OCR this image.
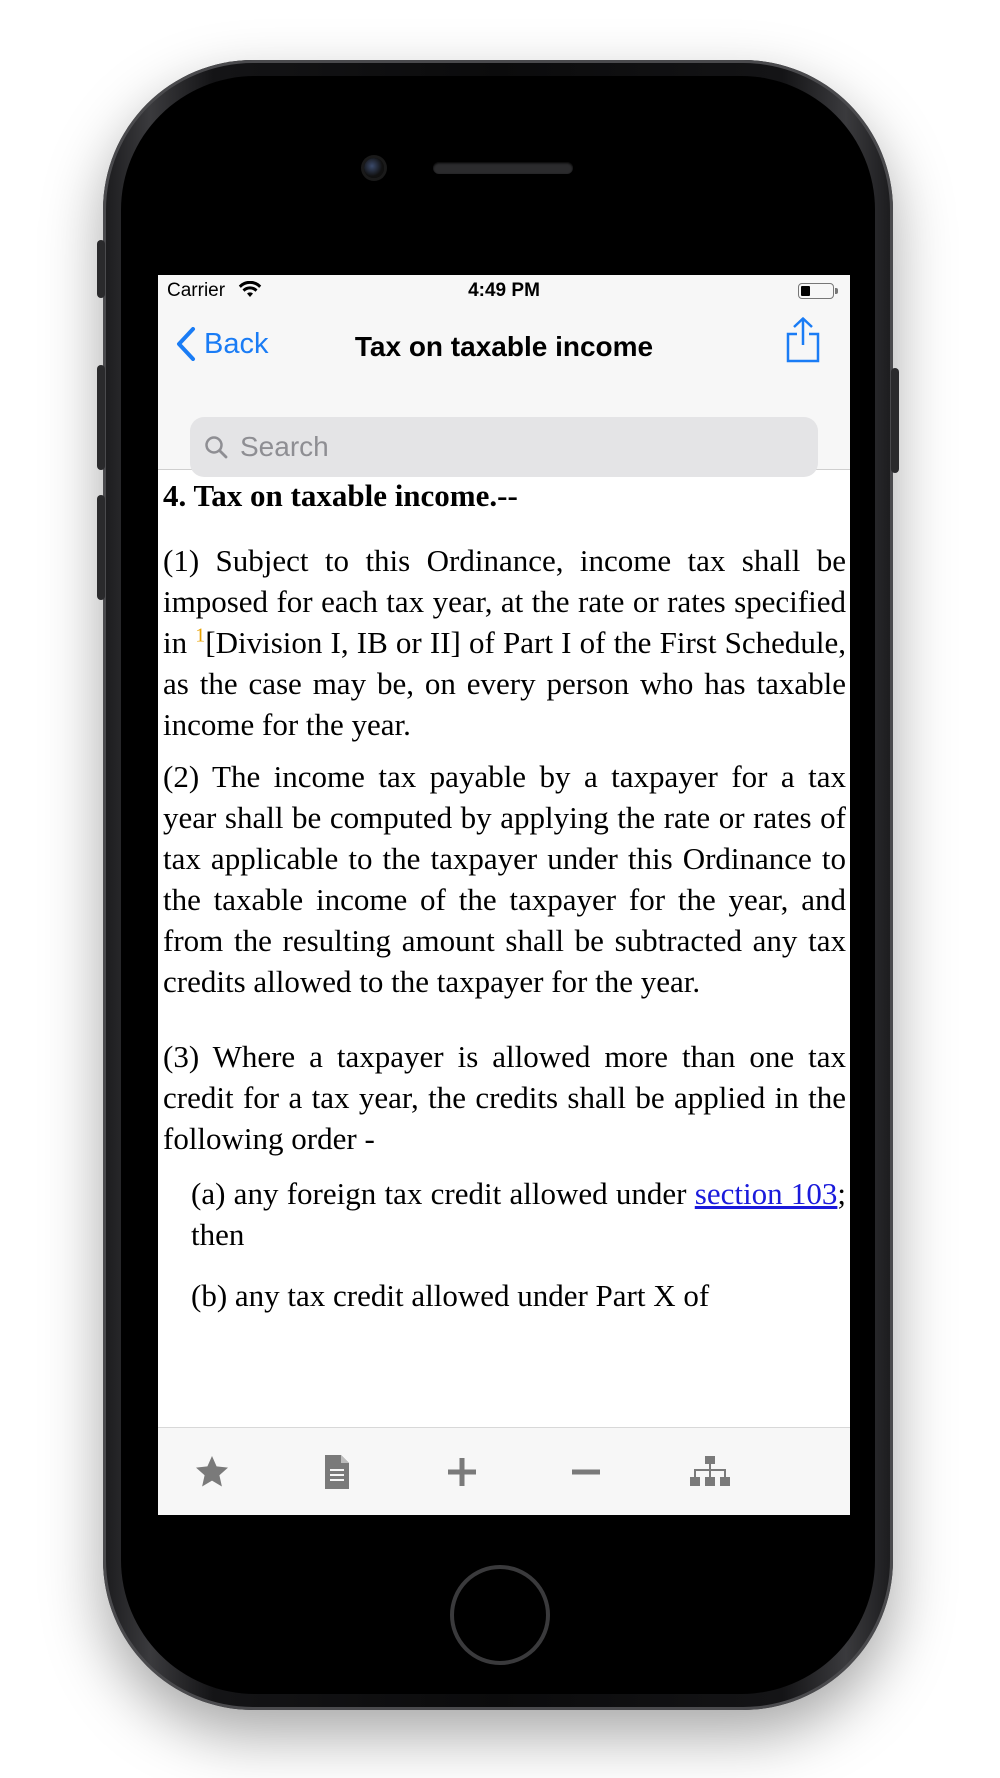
Carrier	4:49 PM
Back	Tax on taxable income
Search
4. Tax on taxable income.--

(1) Subject to this Ordinance, income tax shall be imposed for each tax year, at the rate or rates specified in $^1$[Division I, IB or II] of Part I of the First Schedule, as the case may be, on every person who has taxable income for the year.

(2) The income tax payable by a taxpayer for a tax year shall be computed by applying the rate or rates of tax applicable to the taxpayer under this Ordinance to the taxable income of the taxpayer for the year, and from the resulting amount shall be subtracted any tax credits allowed to the taxpayer for the year.

(3) Where a taxpayer is allowed more than one tax credit for a tax year, the credits shall be applied in the following order -

(a) any foreign tax credit allowed under section 103; then

(b) any tax credit allowed under Part X of
